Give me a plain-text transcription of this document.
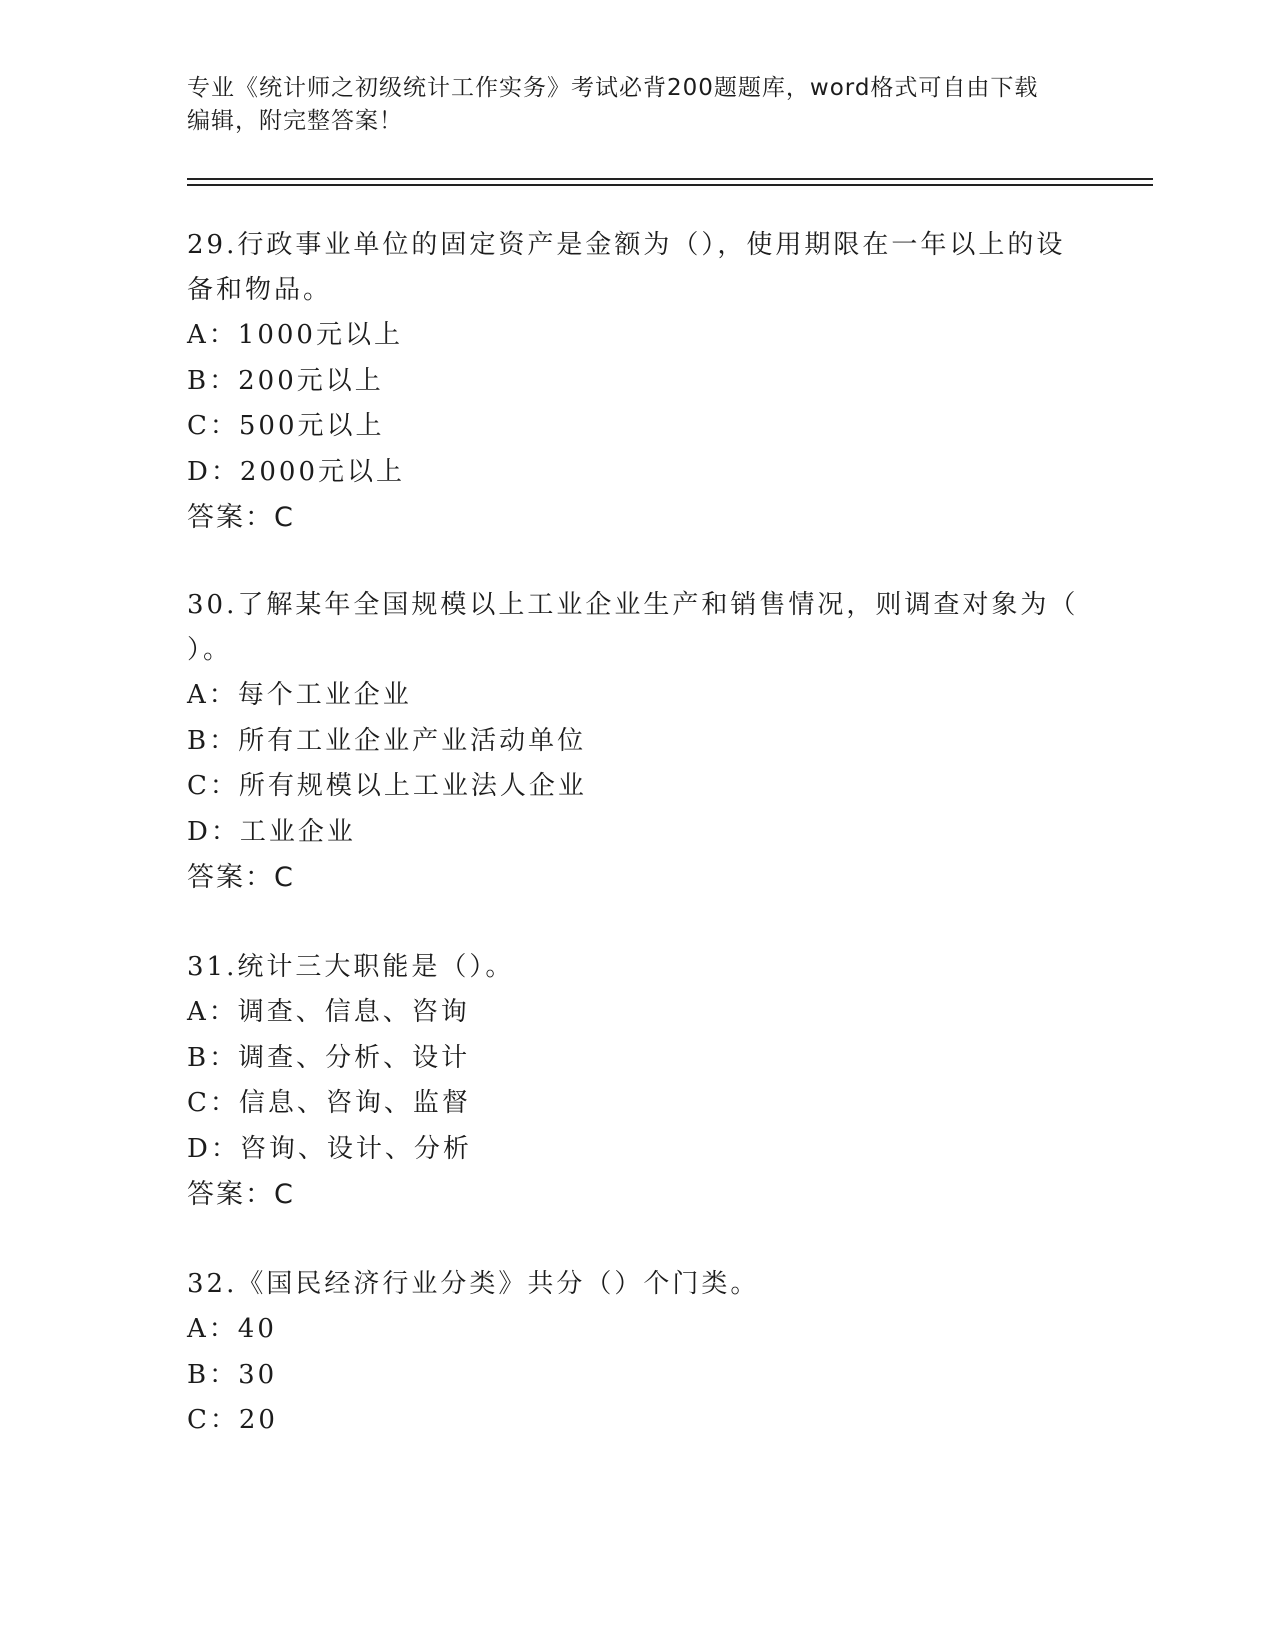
专业《统计师之初级统计工作实务》考试必背200题题库，word格式可自由下载
编辑，附完整答案！
29.行政事业单位的固定资产是金额为（），使用期限在一年以上的设
备和物品。
A：1000元以上
B：200元以上
C：500元以上
D：2000元以上
答案：C
30.了解某年全国规模以上工业企业生产和销售情况，则调查对象为（
）。
A：每个工业企业
B：所有工业企业产业活动单位
C：所有规模以上工业法人企业
D：工业企业
答案：C
31.统计三大职能是（）。
A：调查、信息、咨询
B：调查、分析、设计
C：信息、咨询、监督
D：咨询、设计、分析
答案：C
32.《国民经济行业分类》共分（）个门类。
A：40
B：30
C：20
